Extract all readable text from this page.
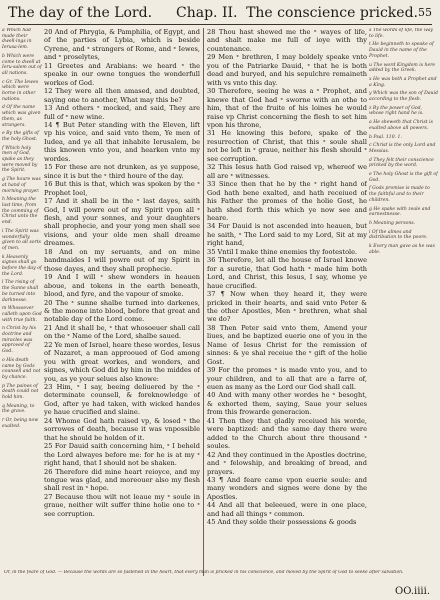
The day of the Lord. Chap. II. The conscience pricked. 55

a Which had made their dwell·ings in Ierusa·lem.

b Which were come to dwell at Ieru·salem out of all nations.

c Gr. The Iewes which were borne in other nations.

d Of the name which was given them, as strangers.

e By the gifts of the holy Ghost.

f Which holy men of God, spake as they were moved by the Spirit.

g The houre was at hand of morning prayer.

h Meaning the last time, from the comming of Christ unto the end.

i The Spirit was wonderfully given to all sorts of men.

k Heavenly signes shall go before the day of the Lord.

l The rising of the Sunne shall be turned into darknesse.

m Whosoever calleth upon God with true faith.

n Christ by his doctrine and miracles was approved of God.

o His death came by Gods counsell and not by chance.

p The paines of death could not hold him.

q Meaning, to the grave.

r Or, being now exalted.

20 And of Phrygia, & Pamphilia, of Egypt, and of the parties of Lybia, which is beside Cyrene, and ˣ strangers of Rome, and ˣ Iewes, and ˣ proselytes,

11 Greetes and Arabians: we heard ˣ the speake in our owne tongues the wonderfull workes of God.

12 They were all then amased, and doubted, saying one to another, What may this be?

13 And others ˣ mocked, and said, They are full of ˣ new wine.

14 ¶ But Peter standing with the Eleven, lift vp his voice, and said vnto them, Ye men of Iudea, and ye all that inhabite Ierusalem, be this knowen vnto you, and hearken vnto my wordes.

15 For these are not drunken, as ye suppose, since it is but the ˣ third houre of the day.

16 But this is that, which was spoken by the ˣ Prophet Ioel,

17 And it shall be in the ˣ last dayes, saith God, I will powre out of my Spirit vpon all ˣ flesh, and your sonnes, and your daughters shall prophecie, and your yong men shall see visions, and your olde men shall dreame dreames.

18 And on my seruants, and on mine handmaides I will powre out of my Spirit in those dayes, and they shall prophecie.

19 And I will ˣ shew wonders in heauen aboue, and tokens in the earth beneath, blood, and fyre, and the vapour of smoke.

20 The ˣ sunne shalbe turned into darkenes, & the moone into blood, before that great and notable day of the Lord come.

21 And it shall be, ˣ that whosoeuer shall call on the ˣ Name of the Lord, shalbe saued.

22 Ye men of Israel, heare these wordes, Iesus of Nazaret, a man approoued of God among you with great workes, and wonders, and signes, which God did by him in the middes of you, as ye your selues also knowe:

23 Him, ˣ I say, beeing deliuered by the ˣ determinate counsell, & foreknowledge of God, after ye had taken, with wicked handes ye haue crucified and slaine.

24 Whome God hath raised vp, & losed ˣ the sorrowes of death, because it was vnpossible that he should be holden of it.

25 For Dauid saith concerning him, ˣ I beheld the Lord alwayes before me: for he is at my ˣ right hand, that I should not be shaken.

26 Therefore did mine heart reioyce, and my tongue was glad, and moreouer also my flesh shall rest in ˣ hope.

27 Because thou wilt not leaue my ˣ soule in graue, neither wilt suffer thine holie one to ˣ see corruption.

28 Thou hast shewed me the ˣ wayes of life, and shalt make me full of ioye with thy countenance.

29 Men ˣ brethren, I may boldely speake vnto you of the Patriarke Dauid, ˣ that he is both dead and buryed, and his sepulchre remaineth with vs vnto this day.

30 Therefore, seeing he was a ˣ Prophet, and knewe that God had ˣ sworne with an othe to him, that of the fruite of his loines he would raise vp Christ concerning the flesh to set him vpon his throne,

31 He knowing this before, spake of the resurrection of Christ, that this ˣ soule shall not be left in ˣ graue, neither his flesh should ˣ see corruption.

32 This Iesus hath God raised vp, whereof we all are ˣ witnesses.

33 Since then that he by the ˣ right hand of God hath bene exalted, and hath receiued of his Father the promes of the holie Gost, he hath shed forth this which ye now see and heare.

34 For Dauid is not ascended into heauen, but he saith, ˣ The Lord said to my Lord, Sit at my right hand,

35 Vntil I make thine enemies thy footestole.

36 Therefore, let all the house of Israel knowe for a suretie, that God hath ˣ made him both Lord, and Christ, this Iesus, I say, whome ye haue crucified.

37 ¶ Now when they heard it, they were pricked in their hearts, and said vnto Peter & the other Apostles, Men ˣ brethren, what shal we do?

38 Then Peter said vnto them, Amend your liues, and be baptized euerie one of you in the Name of Iesus Christ for the remission of sinnes: & ye shal receiue the ˣ gift of the holie Gost.

39 For the promes ˣ is made vnto you, and to your children, and to all that are a farre of, euen as many as the Lord our God shall call.

40 And with many other wordes he ˣ besoght, & exhorted them, saying, Saue your selues from this frowarde generacion.

41 Then they that gladly receiued his worde, were baptized: and the same day there were added to the Church about thre thousand ˣ soules.

42 And they continued in the Apostles doctrine, and ˣ felowship, and breaking of bread, and prayers.

43 ¶ And feare came vpon euerie soule: and many wonders and signes were done by the Apostles.

44 And all that beleeued, were in one place, and had all things ˣ common.

45 And they solde their possessions & goods

s The words of life, the way to life.

t He beginneth to speake of Dauid in the name of the Prophet.

u The word Kingdom is here added by the Greek.

x He was both a Prophet and a King.

y Which was the son of Dauid according to the flesh.

z By the power of God, whose right hand he is.

a He sheweth that Christ is exalted above all powers.

b Psal. 110. 1.

c Christ is the only Lord and Messias.

d They felt their conscience pricked by the word.

e The holy Ghost is the gift of God.

f Gods promise is made to the faithful and to their children.

g He spake with zeale and earnestnesse.

h Meaning persons.

i Of the almes and distribution to the poore.

k Every man gave as he was able.

Or, in the feare of God. — Because the words are so fastened in the heart, that every man is pricked in his conscience, and moved by the Spirit of God to seeke after salvation.
OO.iiii.
